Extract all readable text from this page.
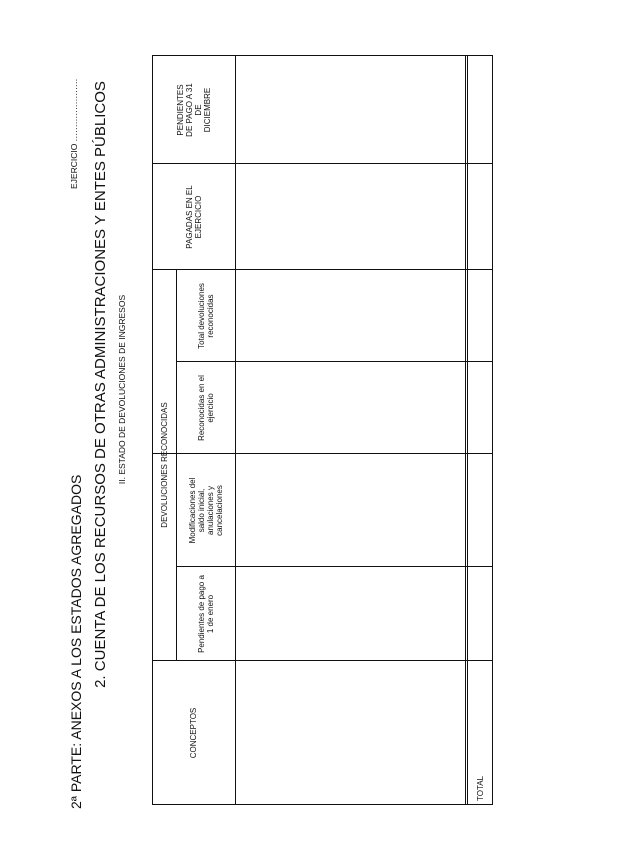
2ª PARTE: ANEXOS A LOS ESTADOS AGREGADOS 2. CUENTA DE LOS RECURSOS DE OTRAS ADMINISTRACIONES Y ENTES PÚBLICOS II. ESTADO DE DEVOLUCIONES DE INGRESOS
EJERCICIO ......................
CONCEPTOS
DEVOLUCIONES RECONOCIDAS
Pendientes de pago a 1 de enero
Modificaciones del saldo inicial, anulaciones y cancelaciones
Reconocidas en el ejercicio
Total devoluciones reconocidas
PAGADAS EN EL EJERCICIO
PENDIENTES DE PAGO A 31 DE DICIEMBRE
TOTAL
